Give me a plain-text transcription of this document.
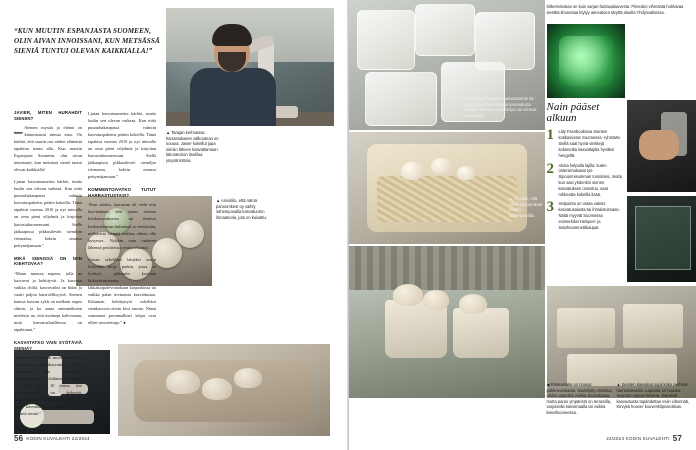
“KUN MUUTIN ESPANJASTA SUOMEEN, OLIN AIVAN INNOISSANI, KUN METSÄSSÄ SIENIÄ TUNTUI OLEVAN KAIKKIALLA!”
▲ Tarajan kerhoassa harrastukseen valkoutnan on nouuut. Javier kokellut jopa sieniin läheen kasvattamaan laboratorion itselilua ympräristösia.
▲ Arvioitilo, että nämä pannumkest oy vaihty sahempovalla kasvatuumn ihmaatoola, jota on kuivattu.
JAVIER, MITEN HURAHDIT SIENIIN?

– Sienten mystiä ja elämä on kiinnostanut minua aina. On kärhiä, että suurin osa niiden elämästä tapahtuu maan alla. Kun muutin Espanjasta Suomeen, olin aivan innoissani, kun metsässä sieniä tuntui olevan kaikkialla!

Ljutan kasvatuameista kärhiö, mutta luulin sen olevan vaikeaa. Kun niitä puuturhakaupassa valmiin kasvatuspaketin, päätin kokeilla. Tämä tapahtui vuonna 2016 ja nyt mitoalla on oma pieni viljelmiä ja kirjoitan harrastuhuoneessani. Siellä jääkaapissa pikkusileväö siemiljm ritvmaina, kohtin omassa pettymäjansaan.”

MIKÄ SIENISSÄ ON NIIN KIEHTOVAA?

“Muun muassa nopeus, jolla ne kasvavat ja kehittyvät. Ja kasvatat vaikka chiliä, kasvovaihti on hidas ja vaatii paljon kärsivällisyyttä. Sienten kanssa kasvun sykli on melkein nopea silmin, ja ka aama enimmäkseen mielessä ne, että moönepi kalevmaan, mitä kasvatusleallileosa on tapahtunut.”

KASVATATKO VAIN SYÖTÄVIÄ SIENIÄ?

“Alaksi se oli usein motiivini ryhtyä kokeilemaan kotikasvutuma. Kun ajateltaan, että erimerkiksi osterivinokasan kiloähinta kaupassa voi olla jopa 10 euroa, itse kasvattaminen on järkevää. Suositteluteen kaikille kokeilemaan. Olen kasvattanut kaltomia erilaisia syöntiä sieniä.”

Ljutan kasvatuameista kärhiö, mutta luulin sen olevan vaikeaa. Kun niitä puuturhakaupassa valmiin kasvatuspaketin, päätin kokeilla. Tämä tapahtui vuonna 2016 ja nyt mitoalla on oma pieni viljelmiä ja kirjoitan harrastuhuoneessani. Siellä jääkaapissa pikkusileväö siemiljm ritvmaina, kohtin omassa pettymäjansaan.”

KOMMENTOIVATKO TUTUT HARRASTUSTASI?

“Kun aloitin, harrastan oli vielä niin harvinainen, että ajatus sienten kotikasvatuksesta sai ihmiset keskusteleman kulmiaan ja reettiesiän, millaisista siemitä mahtaa oikein olla kysymys. Nykään saan oudaeen lähennä pesiitteista omituoehansta.

Aonan sekeliläni lahjäksi sestin liittyvätä tarjju purkin, jossa on lyrittyä, pikkasiin kovimat kitkavävinokansa, lakkakaipolevoinokaan kasparkinsa tai vaikka palan ritvmaista kasvialustaa. Kiltuman kehittynytä valeilikoi sienikasvoin ettein kiva sanota. Nämä sarmnaset perunnallinei lahjat ovat olleet arvostettuja.” ●

56 KODIN KUVALEHTI 22/2024
Nain pääset alkuun
1	Liity Facebookissa Sienten kotikasvatus Suomessa -ryhmään. Siellä saat hyviä vinkkejä kokeneilta kasvattajilta hyväksi hengeltä.
2	Aloita helpolla lajilla: kuten osterivinokasat työ Sipoonmisumman toimitoksi, mutta kun sasi yhdenkin sienen kasvatuksen onnistuu, saat rohkeutta kokeilla lisää.
3	Helpointa on ostaa valmis kasvatusalusta-tai ihmaistoimaan. Näitä myyvät Suomessa esimerkiksi Helsperi- ja Satohuonenettikaupat.
Kitkerivinokas on kuin sarjan fantasialuuvesta. Pimeduö vihreästä hohtavaa sienttiä ilmoestaa löytyy aimeatoen täryttä aluella Yhdysvalloissa.
Kotiviljelyyn tarvitaan kasvatuserite tai -puoni, kasvihuonessa ja kasvualusta vaihtoin ilmoittuu siemnkiljun tai mineral materiaalia.
▲ Arvoitilo, että nämä pannumkest vaihtyy sahempovalla.
◀ Rihmastoite on nousut puhkovoiskauta. Saviviljely onnistuu ulokoi tarpeiksi voikka terassilaosa, mutta paras ympäristö on terassilla, varjoisella kasvimaalla tai voikka kasvihuoneessa.
▲ Sienten kasvatus sopii koko perheen harrastukseksi. Lapsista on hauska seurata nopeaa kasvua. Sammali kasvuatusta tapahdettae esiin viltonntiä, Kirvykä hoover kouvenkilpivinokkas.
22/2024 KODIN KUVALEHTI 57
